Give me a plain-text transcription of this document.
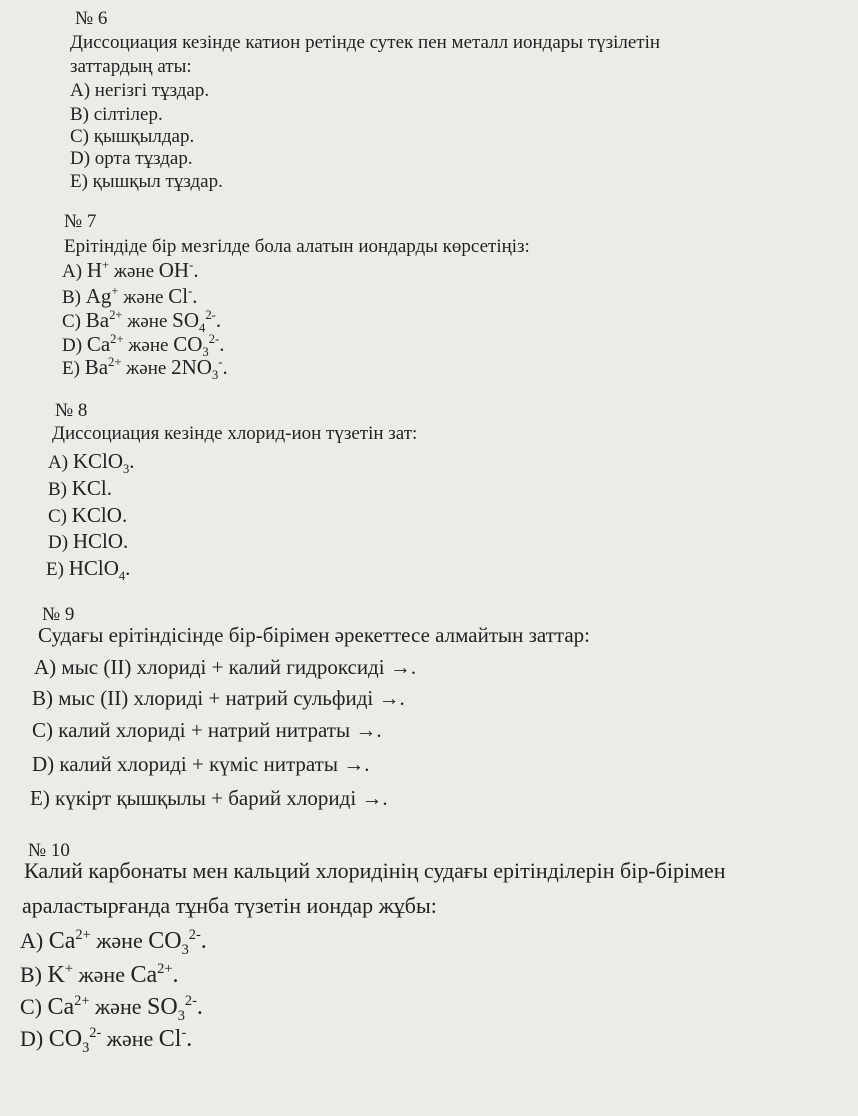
№ 6
Диссоциация кезінде катион ретінде сутек пен металл иондары түзілетін
заттардың аты:
А) негізгі тұздар.
В) сілтілер.
С) қышқылдар.
D) орта тұздар.
Е) қышқыл тұздар.
№ 7
Ерітіндіде бір мезгілде бола алатын иондарды көрсетіңіз:
А) H+ және OH-.
В) Ag+ және Cl-.
С) $Ba^{2+}$ және $SO_4^{2-}$.
D) $Ca^{2+}$ және $CO_3^{2-}$.
Е) $Ba^{2+}$ және $2NO_3^-$.
№ 8
Диссоциация кезінде хлорид-ион түзетін зат:
А) KClO$_3$.
В) KCl.
С) KClO.
D) HClO.
Е) HClO$_4$.
№ 9
Судағы ерітіндісінде бір-бірімен әрекеттесе алмайтын заттар:
А) мыс (II) хлориді + калий гидроксиді →.
В) мыс (II) хлориді + натрий сульфиді →.
С) калий хлориді + натрий нитраты →.
D) калий хлориді + күміс нитраты →.
Е) күкірт қышқылы + барий хлориді →.
№ 10
Калий карбонаты мен кальций хлоридінің судағы ерітінділерін бір-бірімен
араластырғанда тұнба түзетін иондар жұбы:
А) $Ca^{2+}$ және $CO_3^{2-}$.
В) K+ және $Ca^{2+}$.
С) $Ca^{2+}$ және $SO_3^{2-}$.
D) $CO_3^{2-}$ және Cl-.
